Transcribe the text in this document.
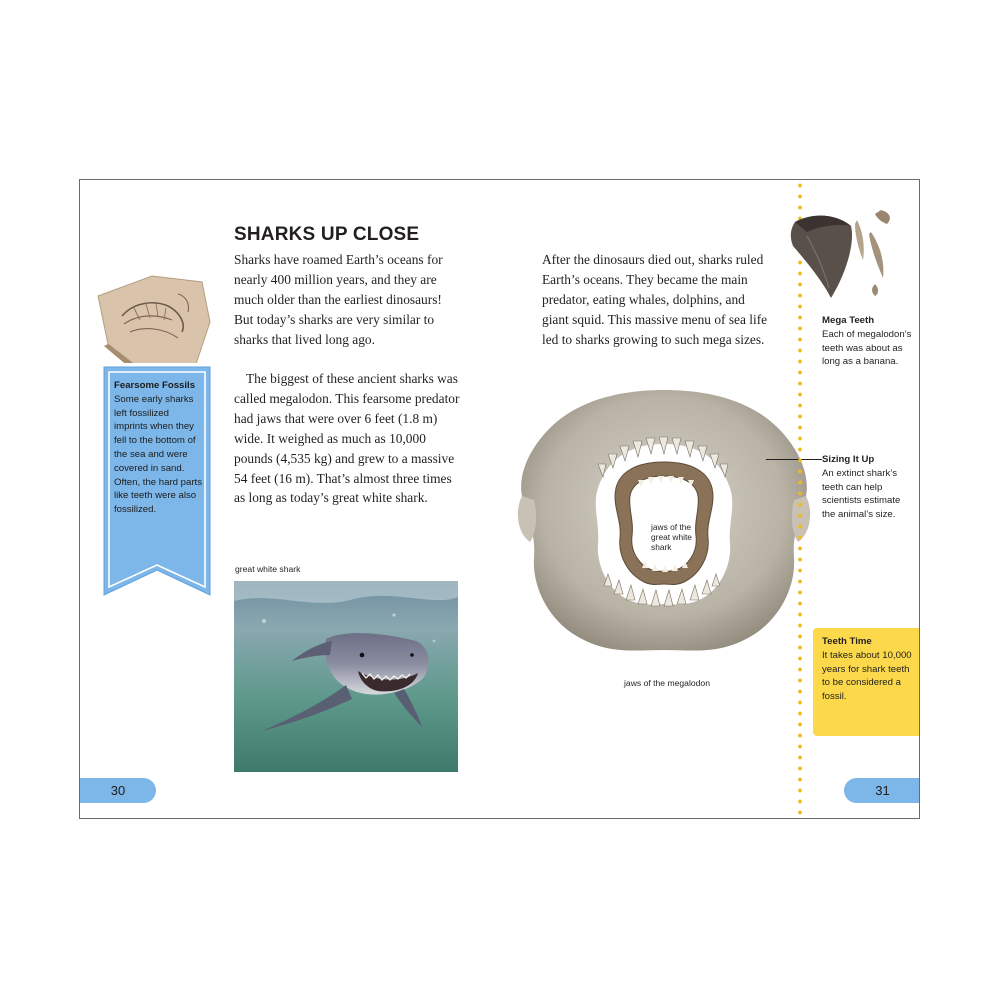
Fearsome Fossils
Some early sharks left fossilized imprints when they fell to the bottom of the sea and were covered in sand. Often, the hard parts like teeth were also fossilized.
SHARKS UP CLOSE
Sharks have roamed Earth’s oceans for nearly 400 million years, and they are much older than the earliest dinosaurs! But today’s sharks are very similar to sharks that lived long ago.
The biggest of these ancient sharks was called megalodon. This fearsome predator had jaws that were over 6 feet (1.8 m) wide. It weighed as much as 10,000 pounds (4,535 kg) and grew to a massive 54 feet (16 m). That’s almost three times as long as today’s great white shark.
great white shark
30	31
After the dinosaurs died out, sharks ruled Earth’s oceans. They became the main predator, eating whales, dolphins, and giant squid. This massive menu of sea life led to sharks growing to such mega sizes.
jaws of the great white shark
jaws of the megalodon
Mega Teeth
Each of megalodon’s teeth was about as long as a banana.
Sizing It Up
An extinct shark’s teeth can help scientists estimate the animal’s size.
Teeth Time
It takes about 10,000 years for shark teeth to be considered a fossil.
